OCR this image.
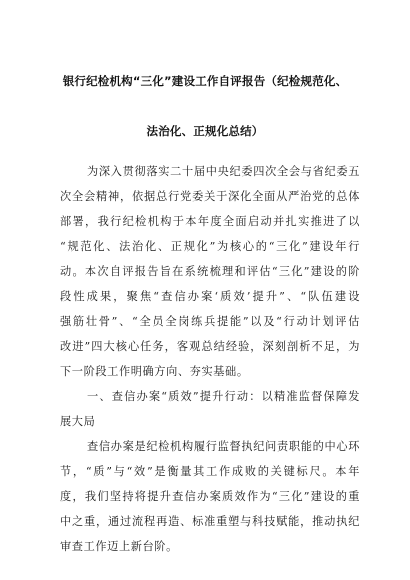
银行纪检机构“三化”建设工作自评报告（纪检规范化、
法治化、正规化总结）
为深入贯彻落实二十届中央纪委四次全会与省纪委五
次全会精神，依据总行党委关于深化全面从严治党的总体
部署，我行纪检机构于本年度全面启动并扎实推进了以
“规范化、法治化、正规化”为核心的“三化”建设年行
动。本次自评报告旨在系统梳理和评估“三化”建设的阶
段性成果，聚焦“查信办案‘质效’提升”、“队伍建设
强筋壮骨”、“全员全岗练兵提能”以及“行动计划评估
改进”四大核心任务，客观总结经验，深刻剖析不足，为
下一阶段工作明确方向、夯实基础。
一、查信办案“质效”提升行动：以精准监督保障发
展大局
查信办案是纪检机构履行监督执纪问责职能的中心环
节，“质”与“效”是衡量其工作成败的关键标尺。本年
度，我们坚持将提升查信办案质效作为“三化”建设的重
中之重，通过流程再造、标准重塑与科技赋能，推动执纪
审查工作迈上新台阶。
